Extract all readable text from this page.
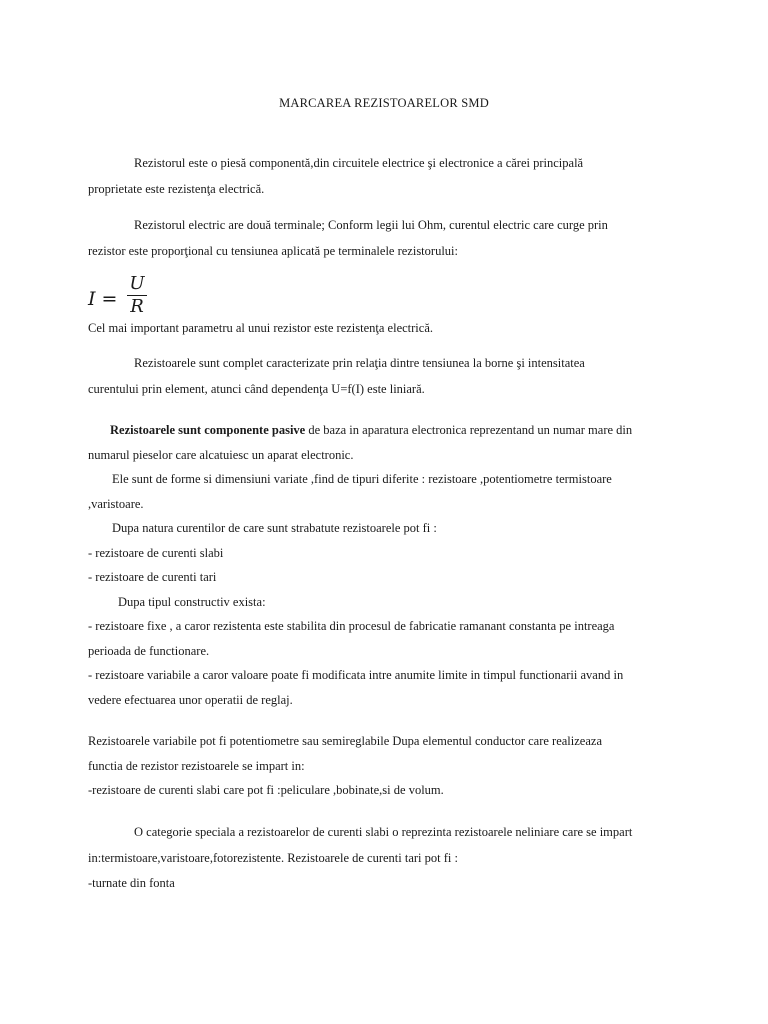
MARCAREA REZISTOARELOR SMD
Rezistorul este o piesă componentă,din circuitele electrice şi electronice a cărei principală
proprietate este rezistenţa electrică.
Rezistorul electric are două terminale; Conform legii lui Ohm, curentul electric care curge prin
rezistor este proporţional cu tensiunea aplicată pe terminalele rezistorului:
I =
U
R
Cel mai important parametru al unui rezistor este rezistenţa electrică.
Rezistoarele sunt complet caracterizate prin relaţia dintre tensiunea la borne şi intensitatea
curentului prin element, atunci când dependenţa U=f(I) este liniară.
Rezistoarele sunt componente pasive de baza in aparatura electronica reprezentand un numar mare din
numarul pieselor care alcatuiesc un aparat electronic.
Ele sunt de forme si dimensiuni variate ,find de tipuri diferite : rezistoare ,potentiometre termistoare
,varistoare.
Dupa natura curentilor de care sunt strabatute rezistoarele pot fi :
- rezistoare de curenti slabi
- rezistoare de curenti tari
Dupa tipul constructiv exista:
- rezistoare fixe , a caror rezistenta este stabilita din procesul de fabricatie ramanant constanta pe intreaga
perioada de functionare.
- rezistoare variabile a caror valoare poate fi modificata intre anumite limite in timpul functionarii avand in
vedere efectuarea unor operatii de reglaj.
Rezistoarele variabile pot fi potentiometre sau semireglabile Dupa elementul conductor care realizeaza
functia de rezistor rezistoarele se impart in:
-rezistoare de curenti slabi care pot fi :peliculare ,bobinate,si de volum.
O categorie speciala a rezistoarelor de curenti slabi o reprezinta rezistoarele neliniare care se impart
in:termistoare,varistoare,fotorezistente. Rezistoarele de curenti tari pot fi :
-turnate din fonta
